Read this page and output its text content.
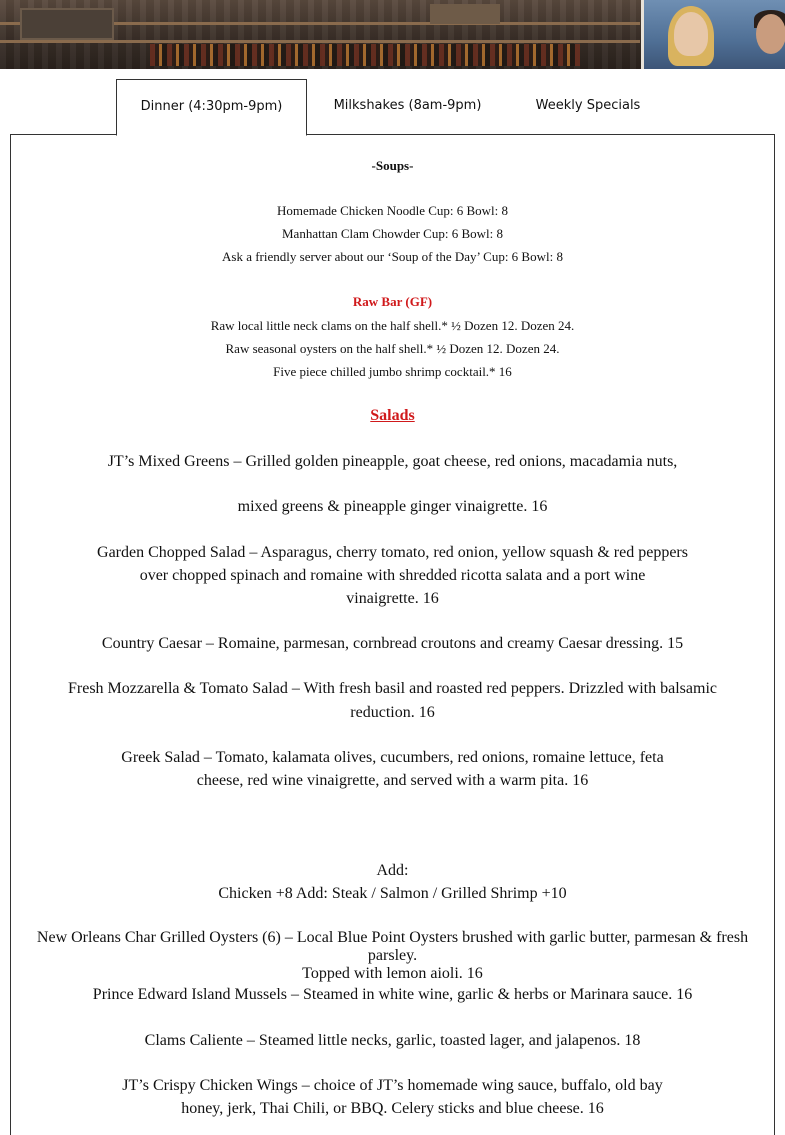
Dinner (4:30pm-9pm)	Milkshakes (8am-9pm)	Weekly Specials
-Soups-
Homemade Chicken Noodle Cup: 6 Bowl: 8
Manhattan Clam Chowder Cup: 6 Bowl: 8
Ask a friendly server about our ‘Soup of the Day’ Cup: 6 Bowl: 8
Raw Bar (GF)
Raw local little neck clams on the half shell.* ½ Dozen 12. Dozen 24.
Raw seasonal oysters on the half shell.* ½ Dozen 12. Dozen 24.
Five piece chilled jumbo shrimp cocktail.* 16
Salads
JT’s Mixed Greens – Grilled golden pineapple, goat cheese, red onions, macadamia nuts,
mixed greens & pineapple ginger vinaigrette. 16
Garden Chopped Salad – Asparagus, cherry tomato, red onion, yellow squash & red peppers
over chopped spinach and romaine with shredded ricotta salata and a port wine
vinaigrette. 16
Country Caesar – Romaine, parmesan, cornbread croutons and creamy Caesar dressing. 15
Fresh Mozzarella & Tomato Salad – With fresh basil and roasted red peppers. Drizzled with balsamic
reduction. 16
Greek Salad – Tomato, kalamata olives, cucumbers, red onions, romaine lettuce, feta
cheese, red wine vinaigrette, and served with a warm pita. 16
Add:
Chicken +8 Add: Steak / Salmon / Grilled Shrimp +10
New Orleans Char Grilled Oysters (6) – Local Blue Point Oysters brushed with garlic butter, parmesan & fresh
parsley.
Topped with lemon aioli. 16
Prince Edward Island Mussels – Steamed in white wine, garlic & herbs or Marinara sauce. 16
Clams Caliente – Steamed little necks, garlic, toasted lager, and jalapenos. 18
JT’s Crispy Chicken Wings – choice of JT’s homemade wing sauce, buffalo, old bay
honey, jerk, Thai Chili, or BBQ. Celery sticks and blue cheese. 16
